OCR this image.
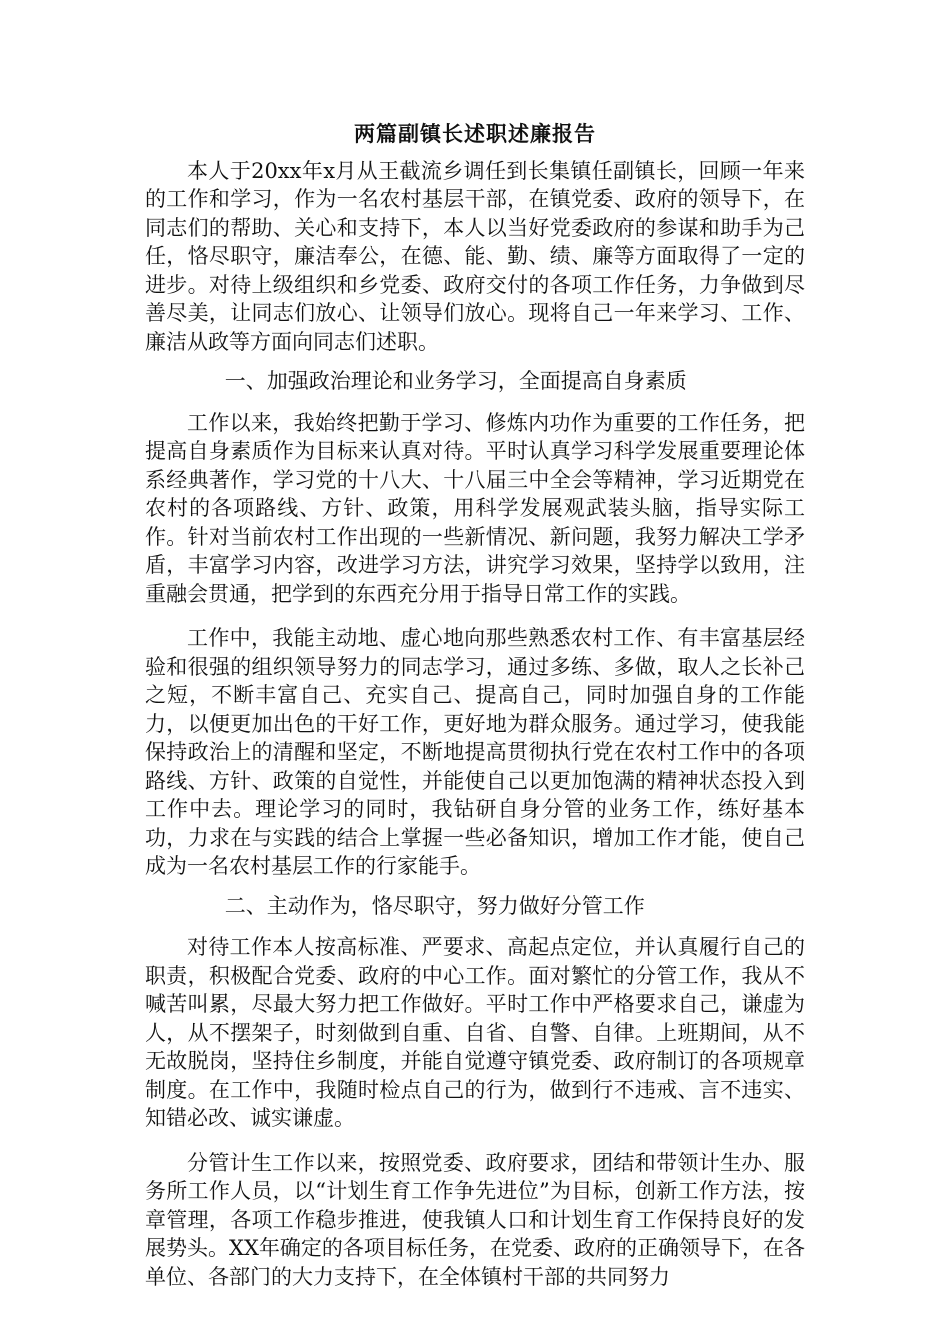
两篇副镇长述职述廉报告

本人于20xx年x月从王截流乡调任到长集镇任副镇长，回顾一年来的工作和学习，作为一名农村基层干部，在镇党委、政府的领导下，在同志们的帮助、关心和支持下，本人以当好党委政府的参谋和助手为己任，恪尽职守，廉洁奉公，在德、能、勤、绩、廉等方面取得了一定的进步。对待上级组织和乡党委、政府交付的各项工作任务，力争做到尽善尽美，让同志们放心、让领导们放心。现将自己一年来学习、工作、廉洁从政等方面向同志们述职。

一、加强政治理论和业务学习，全面提高自身素质

工作以来，我始终把勤于学习、修炼内功作为重要的工作任务，把提高自身素质作为目标来认真对待。平时认真学习科学发展重要理论体系经典著作，学习党的十八大、十八届三中全会等精神，学习近期党在农村的各项路线、方针、政策，用科学发展观武装头脑，指导实际工作。针对当前农村工作出现的一些新情况、新问题，我努力解决工学矛盾，丰富学习内容，改进学习方法，讲究学习效果，坚持学以致用，注重融会贯通，把学到的东西充分用于指导日常工作的实践。

工作中，我能主动地、虚心地向那些熟悉农村工作、有丰富基层经验和很强的组织领导努力的同志学习，通过多练、多做，取人之长补己之短，不断丰富自己、充实自己、提高自己，同时加强自身的工作能力，以便更加出色的干好工作，更好地为群众服务。通过学习，使我能保持政治上的清醒和坚定，不断地提高贯彻执行党在农村工作中的各项路线、方针、政策的自觉性，并能使自己以更加饱满的精神状态投入到工作中去。理论学习的同时，我钻研自身分管的业务工作，练好基本功，力求在与实践的结合上掌握一些必备知识，增加工作才能，使自己成为一名农村基层工作的行家能手。

二、主动作为，恪尽职守，努力做好分管工作

对待工作本人按高标准、严要求、高起点定位，并认真履行自己的职责，积极配合党委、政府的中心工作。面对繁忙的分管工作，我从不喊苦叫累，尽最大努力把工作做好。平时工作中严格要求自己，谦虚为人，从不摆架子，时刻做到自重、自省、自警、自律。上班期间，从不无故脱岗，坚持住乡制度，并能自觉遵守镇党委、政府制订的各项规章制度。在工作中，我随时检点自己的行为，做到行不违戒、言不违实、知错必改、诚实谦虚。

分管计生工作以来，按照党委、政府要求，团结和带领计生办、服务所工作人员，以“计划生育工作争先进位”为目标，创新工作方法，按章管理，各项工作稳步推进，使我镇人口和计划生育工作保持良好的发展势头。XX年确定的各项目标任务，在党委、政府的正确领导下，在各单位、各部门的大力支持下，在全体镇村干部的共同努力
